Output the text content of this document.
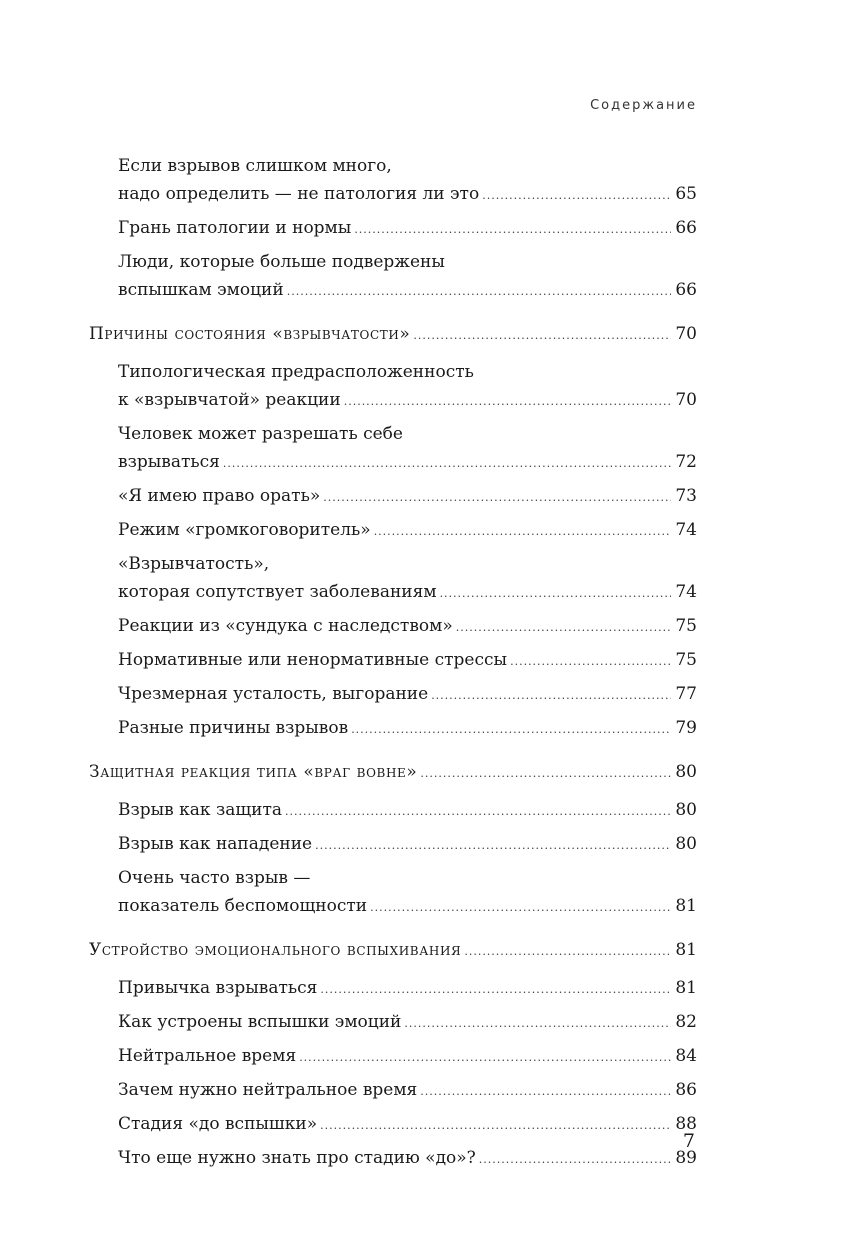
Содержание
Если взрывов слишком много,
надо определить — не патология ли это .....	65
Грань патологии и нормы .....	66
Люди, которые больше подвержены
вспышкам эмоций .....	66
Причины состояния «взрывчатости» .....	70
Типологическая предрасположенность
к «взрывчатой» реакции .....	70
Человек может разрешать себе
взрываться .....	72
«Я имею право орать» .....	73
Режим «громкоговоритель» .....	74
«Взрывчатость»,
которая сопутствует заболеваниям .....	74
Реакции из «сундука с наследством» .....	75
Нормативные или ненормативные стрессы .....	75
Чрезмерная усталость, выгорание .....	77
Разные причины взрывов .....	79
Защитная реакция типа «враг вовне» .....	80
Взрыв как защита .....	80
Взрыв как нападение .....	80
Очень часто взрыв —
показатель беспомощности .....	81
Устройство эмоционального вспыхивания .....	81
Привычка взрываться .....	81
Как устроены вспышки эмоций .....	82
Нейтральное время .....	84
Зачем нужно нейтральное время .....	86
Стадия «до вспышки» .....	88
Что еще нужно знать про стадию «до»? .....	89
7
